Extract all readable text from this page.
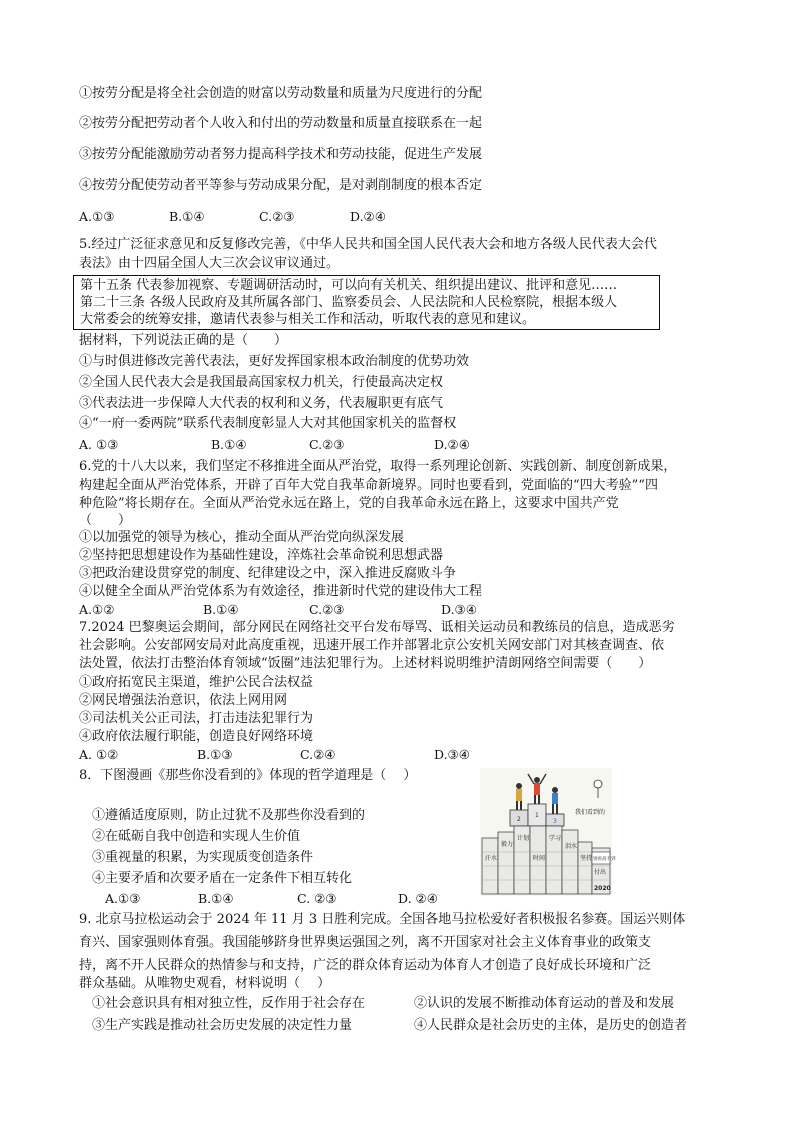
①按劳分配是将全社会创造的财富以劳动数量和质量为尺度进行的分配
②按劳分配把劳动者个人收入和付出的劳动数量和质量直接联系在一起
③按劳分配能激励劳动者努力提高科学技术和劳动技能，促进生产发展
④按劳分配使劳动者平等参与劳动成果分配，是对剥削制度的根本否定
A.①③	B.①④	C.②③	D.②④
5.经过广泛征求意见和反复修改完善，《中华人民共和国全国人民代表大会和地方各级人民代表大会代
表法》由十四届全国人大三次会议审议通过。
第十五条 代表参加视察、专题调研活动时，可以向有关机关、组织提出建议、批评和意见……
第二十三条 各级人民政府及其所属各部门、监察委员会、人民法院和人民检察院，根据本级人
大常委会的统筹安排，邀请代表参与相关工作和活动，听取代表的意见和建议。
据材料，下列说法正确的是（　　）
①与时俱进修改完善代表法，更好发挥国家根本政治制度的优势功效
②全国人民代表大会是我国最高国家权力机关，行使最高决定权
③代表法进一步保障人大代表的权利和义务，代表履职更有底气
④“一府一委两院”联系代表制度彰显人大对其他国家机关的监督权
A. ①③	B.①④	C.②③	D.②④
6.党的十八大以来，我们坚定不移推进全面从严治党，取得一系列理论创新、实践创新、制度创新成果，
构建起全面从严治党体系，开辟了百年大党自我革命新境界。同时也要看到，党面临的“四大考验”“四
种危险”将长期存在。全面从严治党永远在路上，党的自我革命永远在路上，这要求中国共产党
（　　）
①以加强党的领导为核心，推动全面从严治党向纵深发展
②坚持把思想建设作为基础性建设，淬炼社会革命锐利思想武器
③把政治建设贯穿党的制度、纪律建设之中，深入推进反腐败斗争
④以健全全面从严治党体系为有效途径，推进新时代党的建设伟大工程
A.①②	B.①④	C.②③	D.③④
7.2024 巴黎奥运会期间，部分网民在网络社交平台发布辱骂、诋相关运动员和教练员的信息，造成恶劣
社会影响。公安部网安局对此高度重视，迅速开展工作并部署北京公安机关网安部门对其核查调查、依
法处置，依法打击整治体育领域“饭圈”违法犯罪行为。上述材料说明维护清朗网络空间需要（　　）
①政府拓宽民主渠道，维护公民合法权益
②网民增强法治意识，依法上网用网
③司法机关公正司法，打击违法犯罪行为
④政府依法履行职能，创造良好网络环境
A. ①②	B.①③	C.②④	D.③④
8．下图漫画《那些你没看到的》体现的哲学道理是（　 ）
①遵循适度原则，防止过犹不及那些你没看到的
②在砥砺自我中创造和实现人生价值
③重视量的积累，为实现质变创造条件
④主要矛盾和次要矛盾在一定条件下相互转化
A.①③	B.①④	C. ②③	D. ②④
2
1
3
我们看到的
汗水
毅力
计划
时间
学习
泪水
坚持
付出
别看高不到
2020
9. 北京马拉松运动会于 2024 年 11 月 3 日胜利完成。全国各地马拉松爱好者积极报名参赛。国运兴则体
育兴、国家强则体育强。我国能够跻身世界奥运强国之列，离不开国家对社会主义体育事业的政策支
持，离不开人民群众的热情参与和支持，广泛的群众体育运动为体育人才创造了良好成长环境和广泛
群众基础。从唯物史观看，材料说明（　 ）
①社会意识具有相对独立性，反作用于社会存在	②认识的发展不断推动体育运动的普及和发展
③生产实践是推动社会历史发展的决定性力量	④人民群众是社会历史的主体，是历史的创造者
